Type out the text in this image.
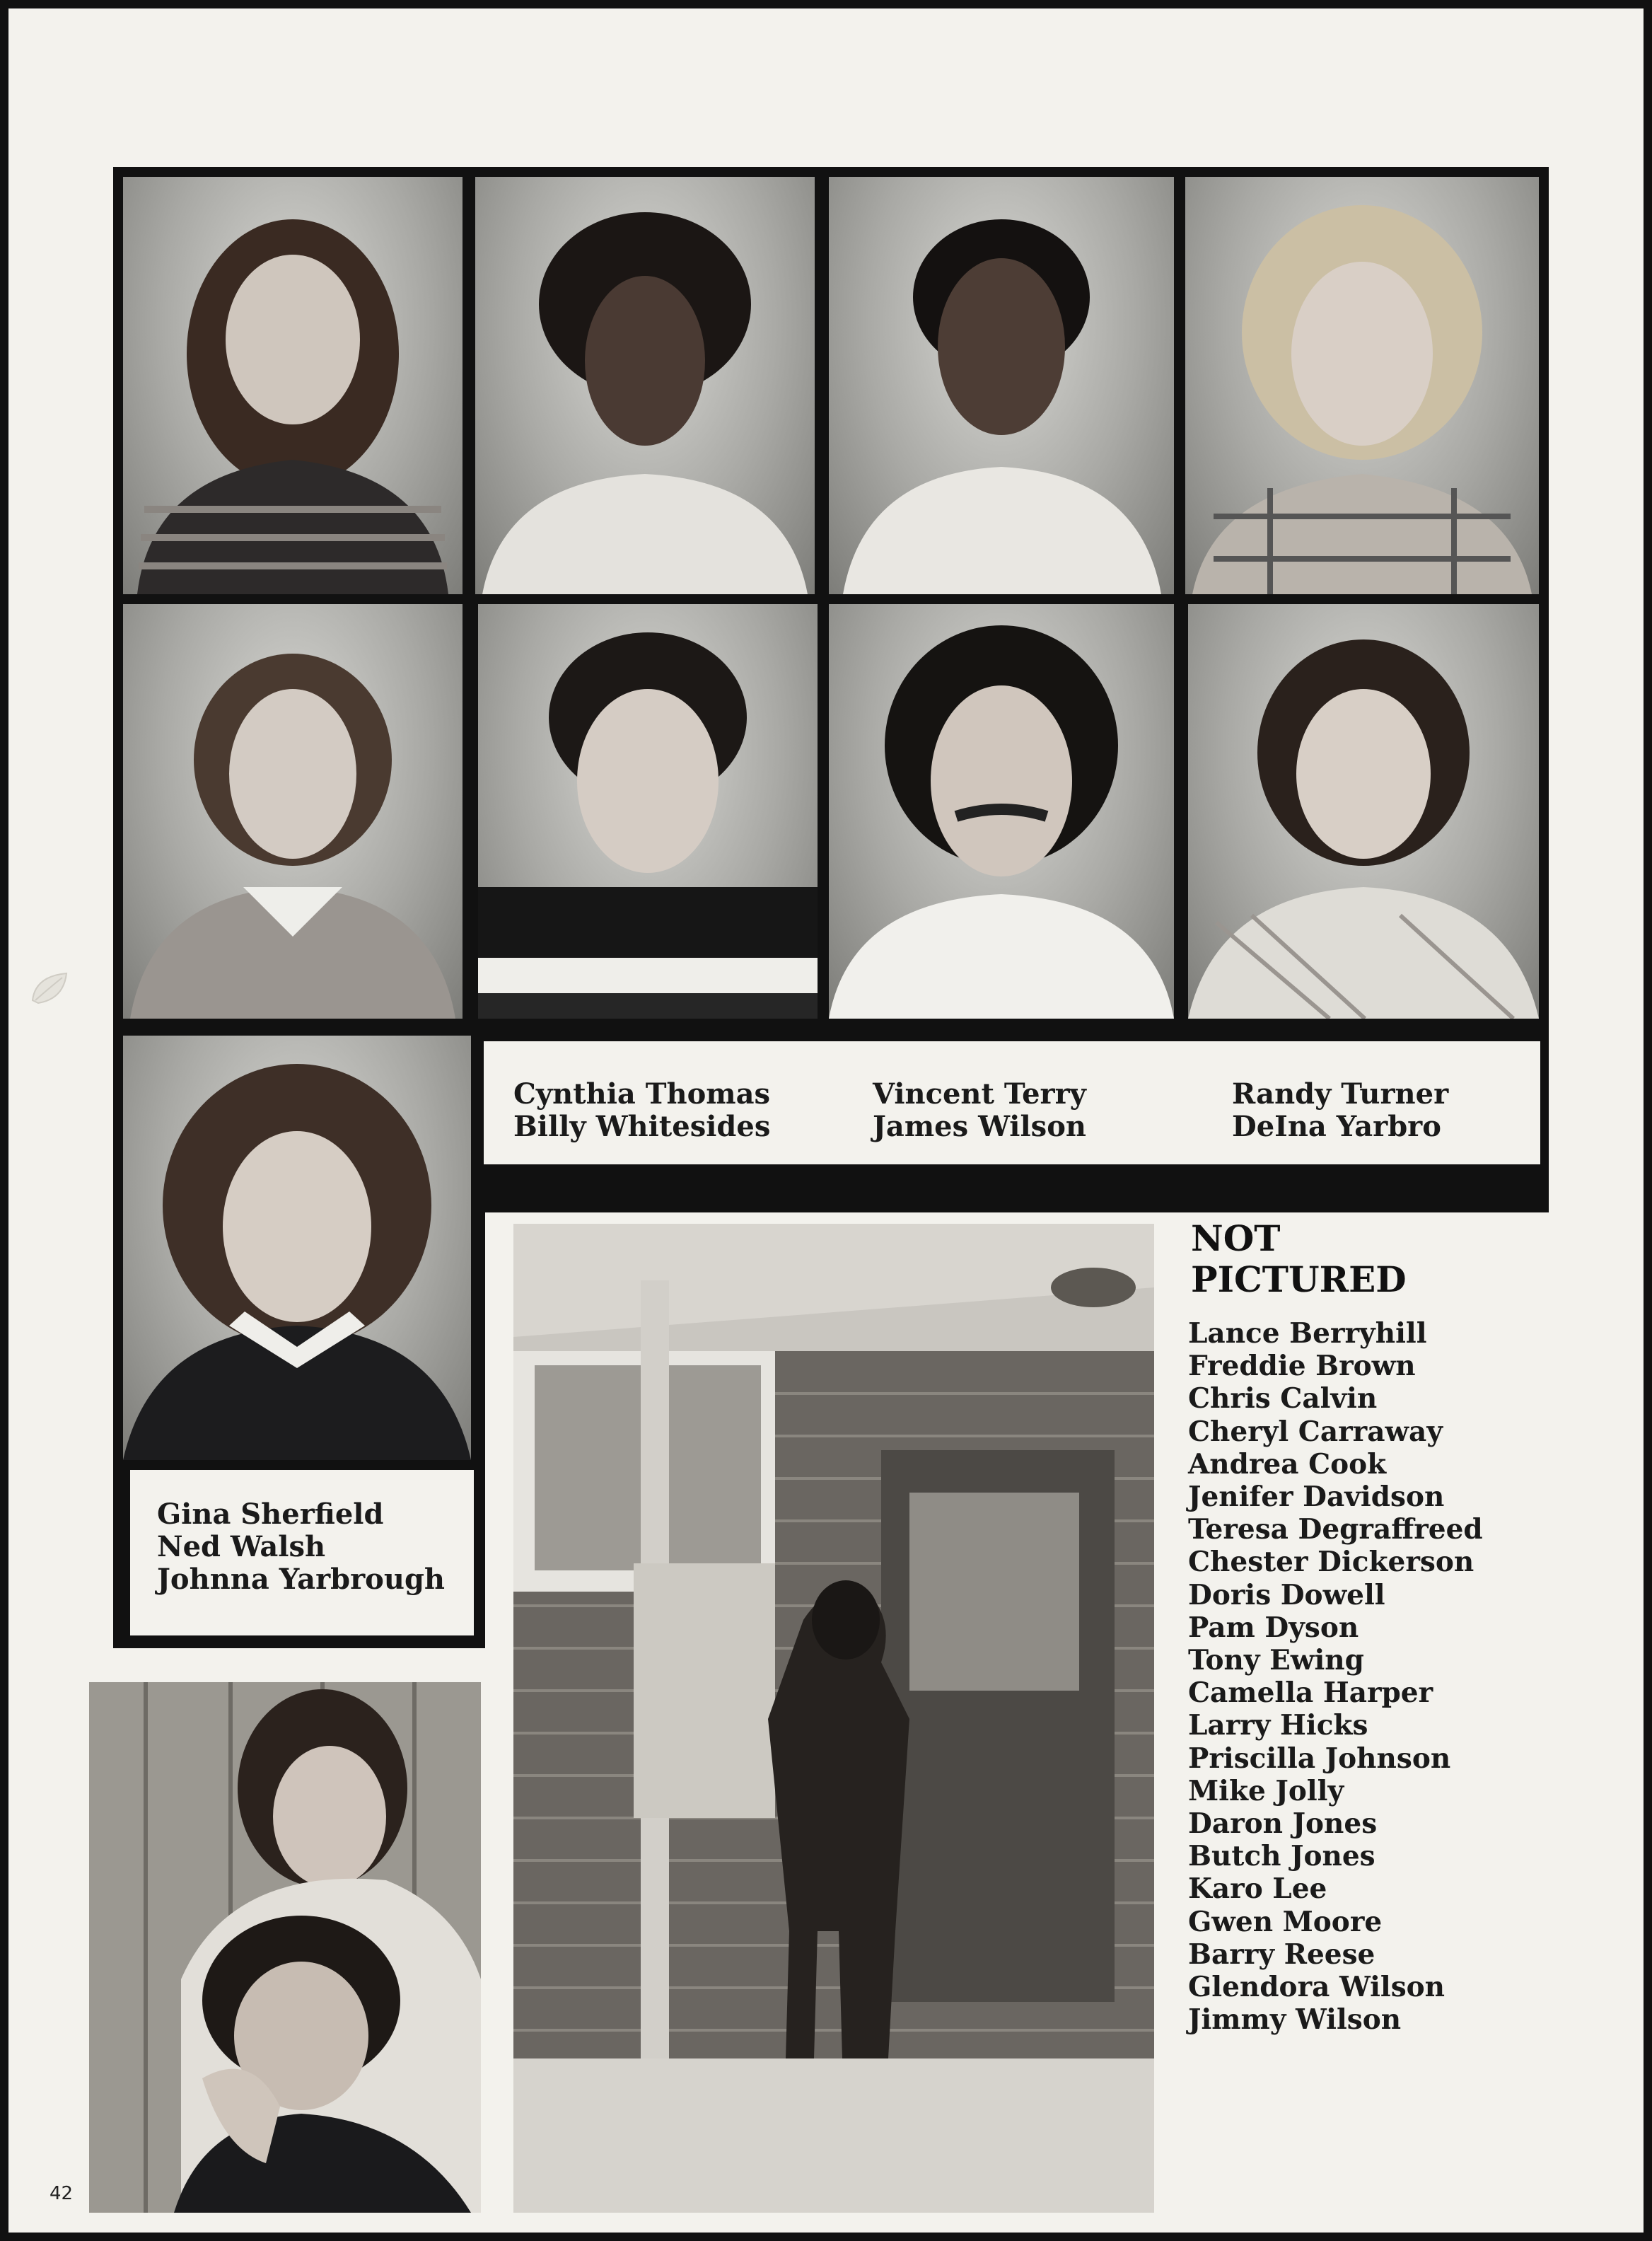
Cynthia Thomas
Billy Whitesides
Vincent Terry
James Wilson
Randy Turner
DeIna Yarbro
Gina Sherfield
Ned Walsh
Johnna Yarbrough
NOT
PICTURED
Lance Berryhill
Freddie Brown
Chris Calvin
Cheryl Carraway
Andrea Cook
Jenifer Davidson
Teresa Degraffreed
Chester Dickerson
Doris Dowell
Pam Dyson
Tony Ewing
Camella Harper
Larry Hicks
Priscilla Johnson
Mike Jolly
Daron Jones
Butch Jones
Karo Lee
Gwen Moore
Barry Reese
Glendora Wilson
Jimmy Wilson
42
